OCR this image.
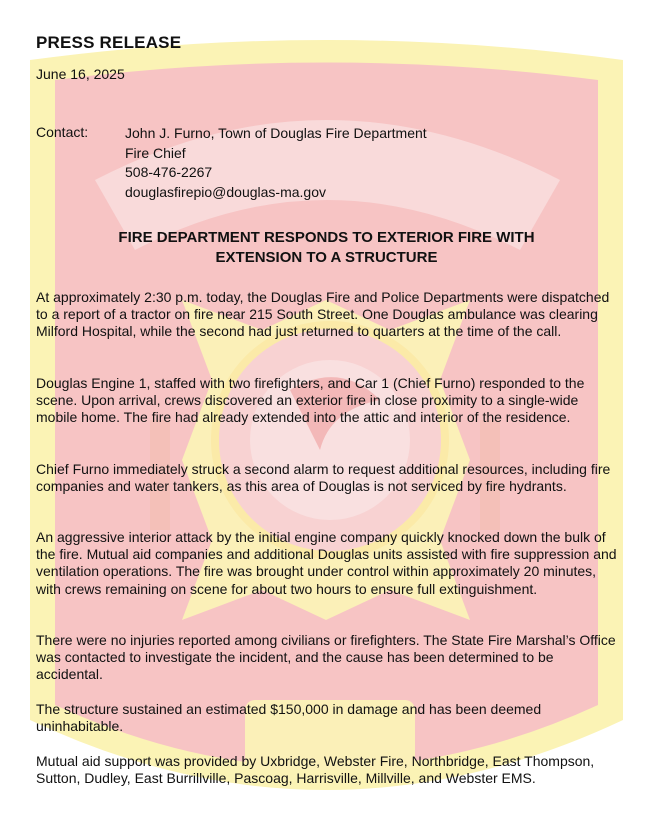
PRESS RELEASE
June 16, 2025
Contact:	John J. Furno, Town of Douglas Fire Department
Fire Chief
508-476-2267
douglasfirepio@douglas-ma.gov
FIRE DEPARTMENT RESPONDS TO EXTERIOR FIRE WITH
EXTENSION TO A STRUCTURE

At approximately 2:30 p.m. today, the Douglas Fire and Police Departments were dispatched to a report of a tractor on fire near 215 South Street. One Douglas ambulance was clearing Milford Hospital, while the second had just returned to quarters at the time of the call.

Douglas Engine 1, staffed with two firefighters, and Car 1 (Chief Furno) responded to the scene. Upon arrival, crews discovered an exterior fire in close proximity to a single-wide mobile home. The fire had already extended into the attic and interior of the residence.

Chief Furno immediately struck a second alarm to request additional resources, including fire companies and water tankers, as this area of Douglas is not serviced by fire hydrants.

An aggressive interior attack by the initial engine company quickly knocked down the bulk of the fire. Mutual aid companies and additional Douglas units assisted with fire suppression and ventilation operations. The fire was brought under control within approximately 20 minutes, with crews remaining on scene for about two hours to ensure full extinguishment.

There were no injuries reported among civilians or firefighters. The State Fire Marshal’s Office was contacted to investigate the incident, and the cause has been determined to be accidental.

The structure sustained an estimated $150,000 in damage and has been deemed uninhabitable.

Mutual aid support was provided by Uxbridge, Webster Fire, Northbridge, East Thompson, Sutton, Dudley, East Burrillville, Pascoag, Harrisville, Millville, and Webster EMS.
